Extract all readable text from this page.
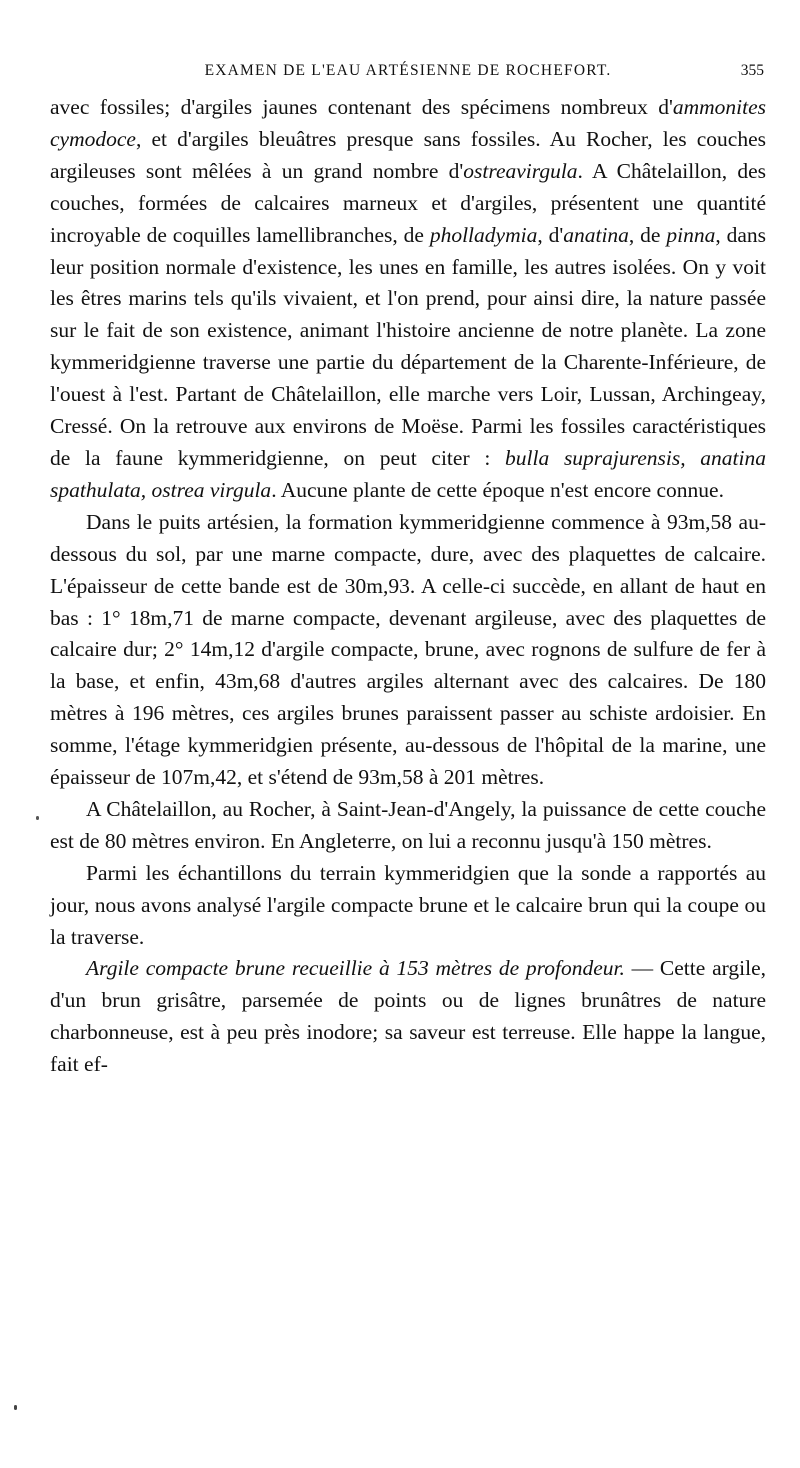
EXAMEN DE L'EAU ARTÉSIENNE DE ROCHEFORT.	355

avec fossiles; d'argiles jaunes contenant des spécimens nombreux d'ammonites cymodoce, et d'argiles bleuâtres presque sans fossiles. Au Rocher, les couches argileuses sont mêlées à un grand nombre d'ostreavirgula. A Châtelaillon, des couches, formées de calcaires marneux et d'argiles, présentent une quantité incroyable de coquilles lamellibranches, de pholladymia, d'anatina, de pinna, dans leur position normale d'existence, les unes en famille, les autres isolées. On y voit les êtres marins tels qu'ils vivaient, et l'on prend, pour ainsi dire, la nature passée sur le fait de son existence, animant l'histoire ancienne de notre planète. La zone kymmeridgienne traverse une partie du département de la Charente-Inférieure, de l'ouest à l'est. Partant de Châtelaillon, elle marche vers Loir, Lussan, Archingeay, Cressé. On la retrouve aux environs de Moëse. Parmi les fossiles caractéristiques de la faune kymmeridgienne, on peut citer : bulla suprajurensis, anatina spathulata, ostrea virgula. Aucune plante de cette époque n'est encore connue.

Dans le puits artésien, la formation kymmeridgienne commence à 93m,58 au-dessous du sol, par une marne compacte, dure, avec des plaquettes de calcaire. L'épaisseur de cette bande est de 30m,93. A celle-ci succède, en allant de haut en bas : 1° 18m,71 de marne compacte, devenant argileuse, avec des plaquettes de calcaire dur; 2° 14m,12 d'argile compacte, brune, avec rognons de sulfure de fer à la base, et enfin, 43m,68 d'autres argiles alternant avec des calcaires. De 180 mètres à 196 mètres, ces argiles brunes paraissent passer au schiste ardoisier. En somme, l'étage kymmeridgien présente, au-dessous de l'hôpital de la marine, une épaisseur de 107m,42, et s'étend de 93m,58 à 201 mètres.

A Châtelaillon, au Rocher, à Saint-Jean-d'Angely, la puissance de cette couche est de 80 mètres environ. En Angleterre, on lui a reconnu jusqu'à 150 mètres.

Parmi les échantillons du terrain kymmeridgien que la sonde a rapportés au jour, nous avons analysé l'argile compacte brune et le calcaire brun qui la coupe ou la traverse.

Argile compacte brune recueillie à 153 mètres de profondeur. — Cette argile, d'un brun grisâtre, parsemée de points ou de lignes brunâtres de nature charbonneuse, est à peu près inodore; sa saveur est terreuse. Elle happe la langue, fait ef-
